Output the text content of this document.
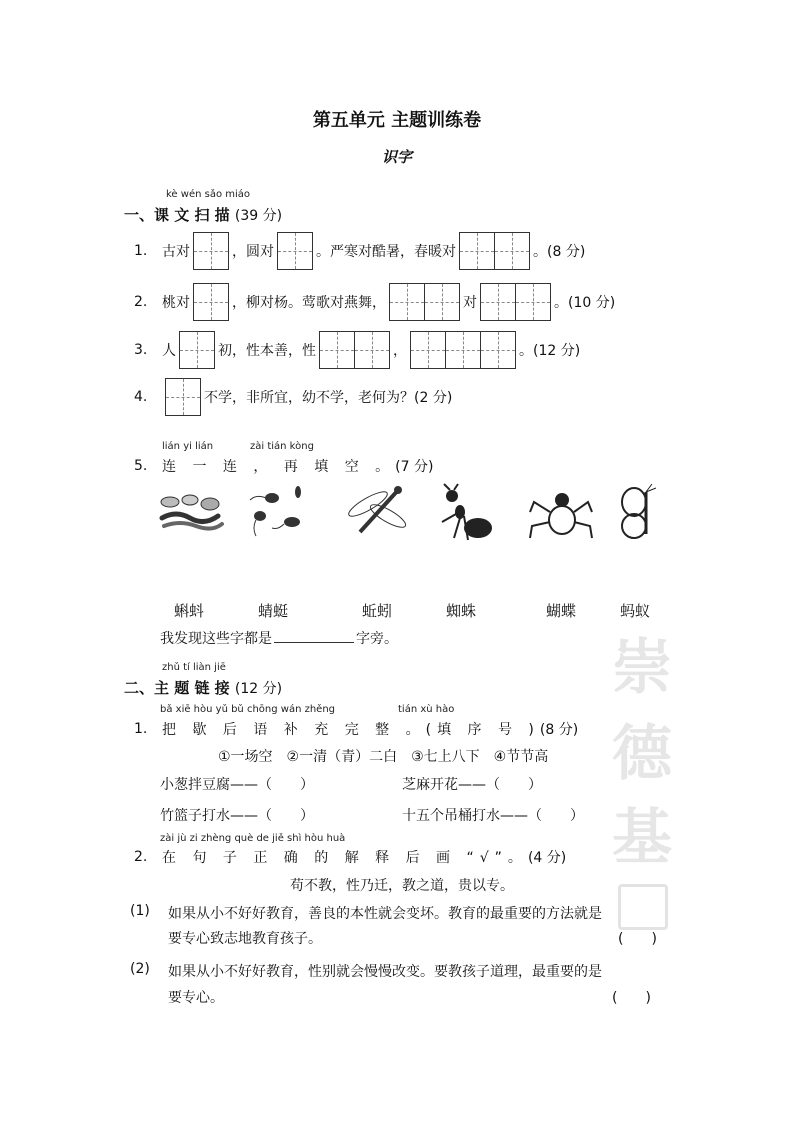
崇
德
基
第五单元 主题训练卷
识字
kè wén sǎo miáo
一、课 文 扫 描 (39 分)
1.	古对	，圆对	。严寒对酷暑，春暖对	。(8 分)
2.	桃对	，柳对杨。莺歌对燕舞，	对	。(10 分)
3.	人	初，性本善，性	，	。(12 分)
4.	不学，非所宜，幼不学，老何为？(2 分)
lián yi lián	zài tián kòng
5.	连 一 连 ， 再 填 空 。 (7 分)
蝌蚪	蜻蜓	蚯蚓	蜘蛛	蝴蝶	蚂蚁
我发现这些字都是	字旁。
zhǔ tí liàn jiē
二、主 题 链 接 (12 分)
bǎ xiē hòu yǔ bǔ chōng wán zhěng	tián xù hào
1.	把 歇 后 语 补 充 完 整 。 (填 序 号 ) (8 分)
①一场空　②一清（青）二白　③七上八下　④节节高
小葱拌豆腐——（　　）	芝麻开花——（　　）
竹篮子打水——（　　）	十五个吊桶打水——（　　）
zài jù zi zhèng què de jiě shì hòu huà
2.	在 句 子 正 确 的 解 释 后 画 “√”。 (4 分)
苟不教，性乃迁，教之道，贵以专。
(1) 如果从小不好好教育，善良的本性就会变坏。教育的最重要的方法就是
要专心致志地教育孩子。	(　　)
(2) 如果从小不好好教育，性别就会慢慢改变。要教孩子道理，最重要的是
要专心。	(　　)
